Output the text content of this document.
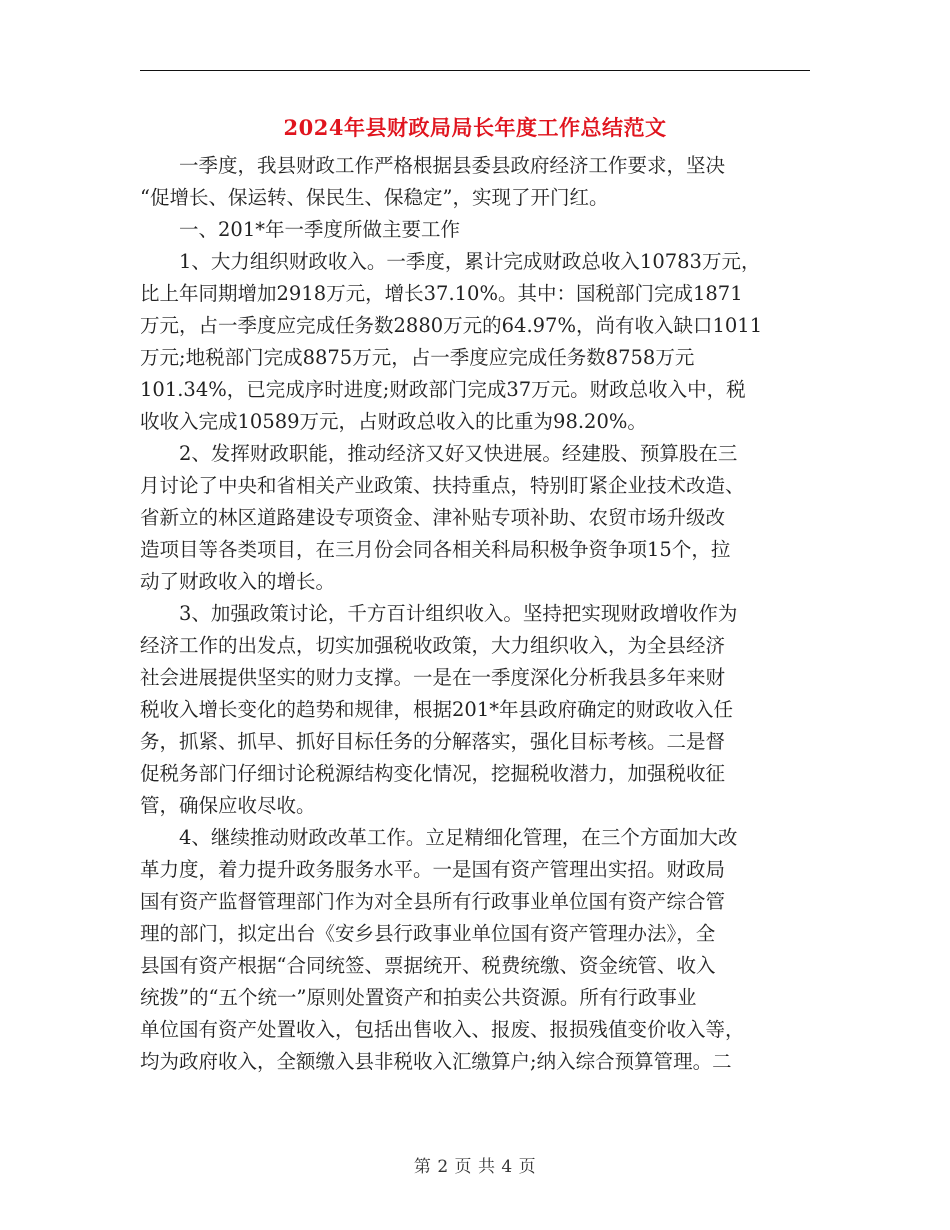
2024年县财政局局长年度工作总结范文

一季度，我县财政工作严格根据县委县政府经济工作要求，坚决
“促增长、保运转、保民生、保稳定”，实现了开门红。

一、201*年一季度所做主要工作

1、大力组织财政收入。一季度，累计完成财政总收入10783万元，
比上年同期增加2918万元，增长37.10%。其中：国税部门完成1871
万元，占一季度应完成任务数2880万元的64.97%，尚有收入缺口1011
万元;地税部门完成8875万元，占一季度应完成任务数8758万元
101.34%，已完成序时进度;财政部门完成37万元。财政总收入中，税
收收入完成10589万元，占财政总收入的比重为98.20%。

2、发挥财政职能，推动经济又好又快进展。经建股、预算股在三
月讨论了中央和省相关产业政策、扶持重点，特别盯紧企业技术改造、
省新立的林区道路建设专项资金、津补贴专项补助、农贸市场升级改
造项目等各类项目，在三月份会同各相关科局积极争资争项15个，拉
动了财政收入的增长。

3、加强政策讨论，千方百计组织收入。坚持把实现财政增收作为
经济工作的出发点，切实加强税收政策，大力组织收入，为全县经济
社会进展提供坚实的财力支撑。一是在一季度深化分析我县多年来财
税收入增长变化的趋势和规律，根据201*年县政府确定的财政收入任
务，抓紧、抓早、抓好目标任务的分解落实，强化目标考核。二是督
促税务部门仔细讨论税源结构变化情况，挖掘税收潜力，加强税收征
管，确保应收尽收。

4、继续推动财政改革工作。立足精细化管理，在三个方面加大改
革力度，着力提升政务服务水平。一是国有资产管理出实招。财政局
国有资产监督管理部门作为对全县所有行政事业单位国有资产综合管
理的部门，拟定出台《安乡县行政事业单位国有资产管理办法》，全
县国有资产根据“合同统签、票据统开、税费统缴、资金统管、收入
统拨”的“五个统一”原则处置资产和拍卖公共资源。所有行政事业
单位国有资产处置收入，包括出售收入、报废、报损残值变价收入等，
均为政府收入，全额缴入县非税收入汇缴算户;纳入综合预算管理。二

第 2 页 共 4 页
